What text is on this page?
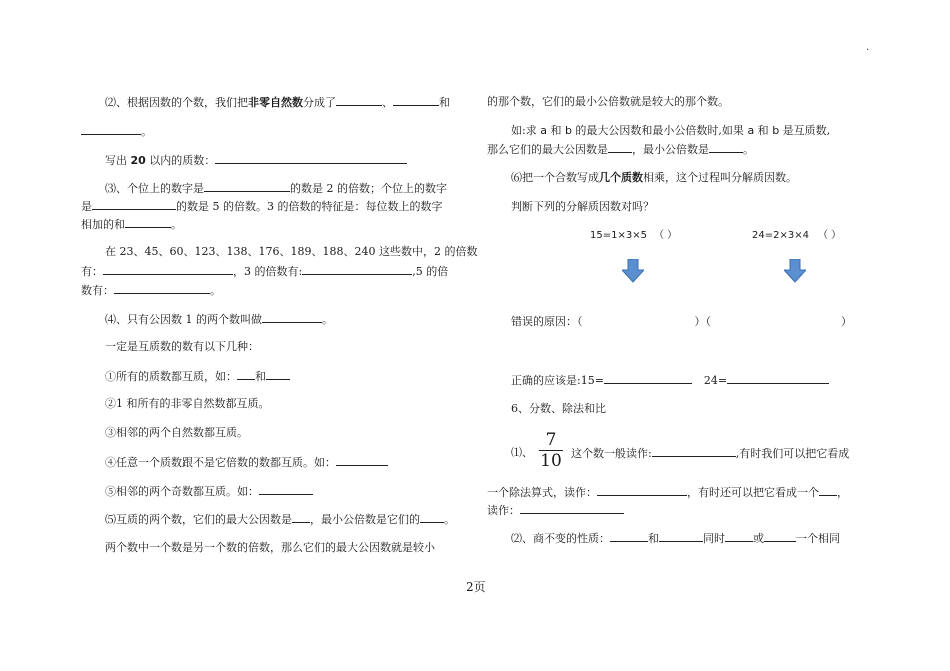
.
⑵、根据因数的个数，我们把非零自然数分成了	、	和
。
写出 20 以内的质数：
⑶、个位上的数字是	的数是 2 的倍数；个位上的数字
是	的数是 5 的倍数。3 的倍数的特征是：每位数上的数字
相加的和	。
在 23、45、60、123、138、176、189、188、240 这些数中，2 的倍数
有：	，3 的倍数有:	,5 的倍
数有：	。
⑷、只有公因数 1 的两个数叫做	。
一定是互质数的数有以下几种：
①所有的质数都互质，如： 和
②1 和所有的非零自然数都互质。
③相邻的两个自然数都互质。
④任意一个质数跟不是它倍数的数都互质。如：
⑤相邻的两个奇数都互质。如：
⑸互质的两个数，它们的最大公因数是 ，最小公倍数是它们的 。
两个数中一个数是另一个数的倍数，那么它们的最大公因数就是较小
的那个数，它们的最小公倍数就是较大的那个数。
如:求 a 和 b 的最大公因数和最小公倍数时,如果 a 和 b 是互质数,
那么它们的最大公因数是 ，最小公倍数是	。
⑹把一个合数写成几个质数相乘，这个过程叫分解质因数。
判断下列的分解质因数对吗？
15=1×3×5 （ ）	24=2×3×4 （ ）
错误的原因：（	）（	）
正确的应该是:15=	24=
6、分数、除法和比
$\frac{7}{10}$
⑴、	这个数一般读作:	,有时我们可以把它看成
一个除法算式，读作：	，有时还可以把它看成一个 ，
读作：
⑵、商不变的性质：	和	同时	或	一个相同
2页
